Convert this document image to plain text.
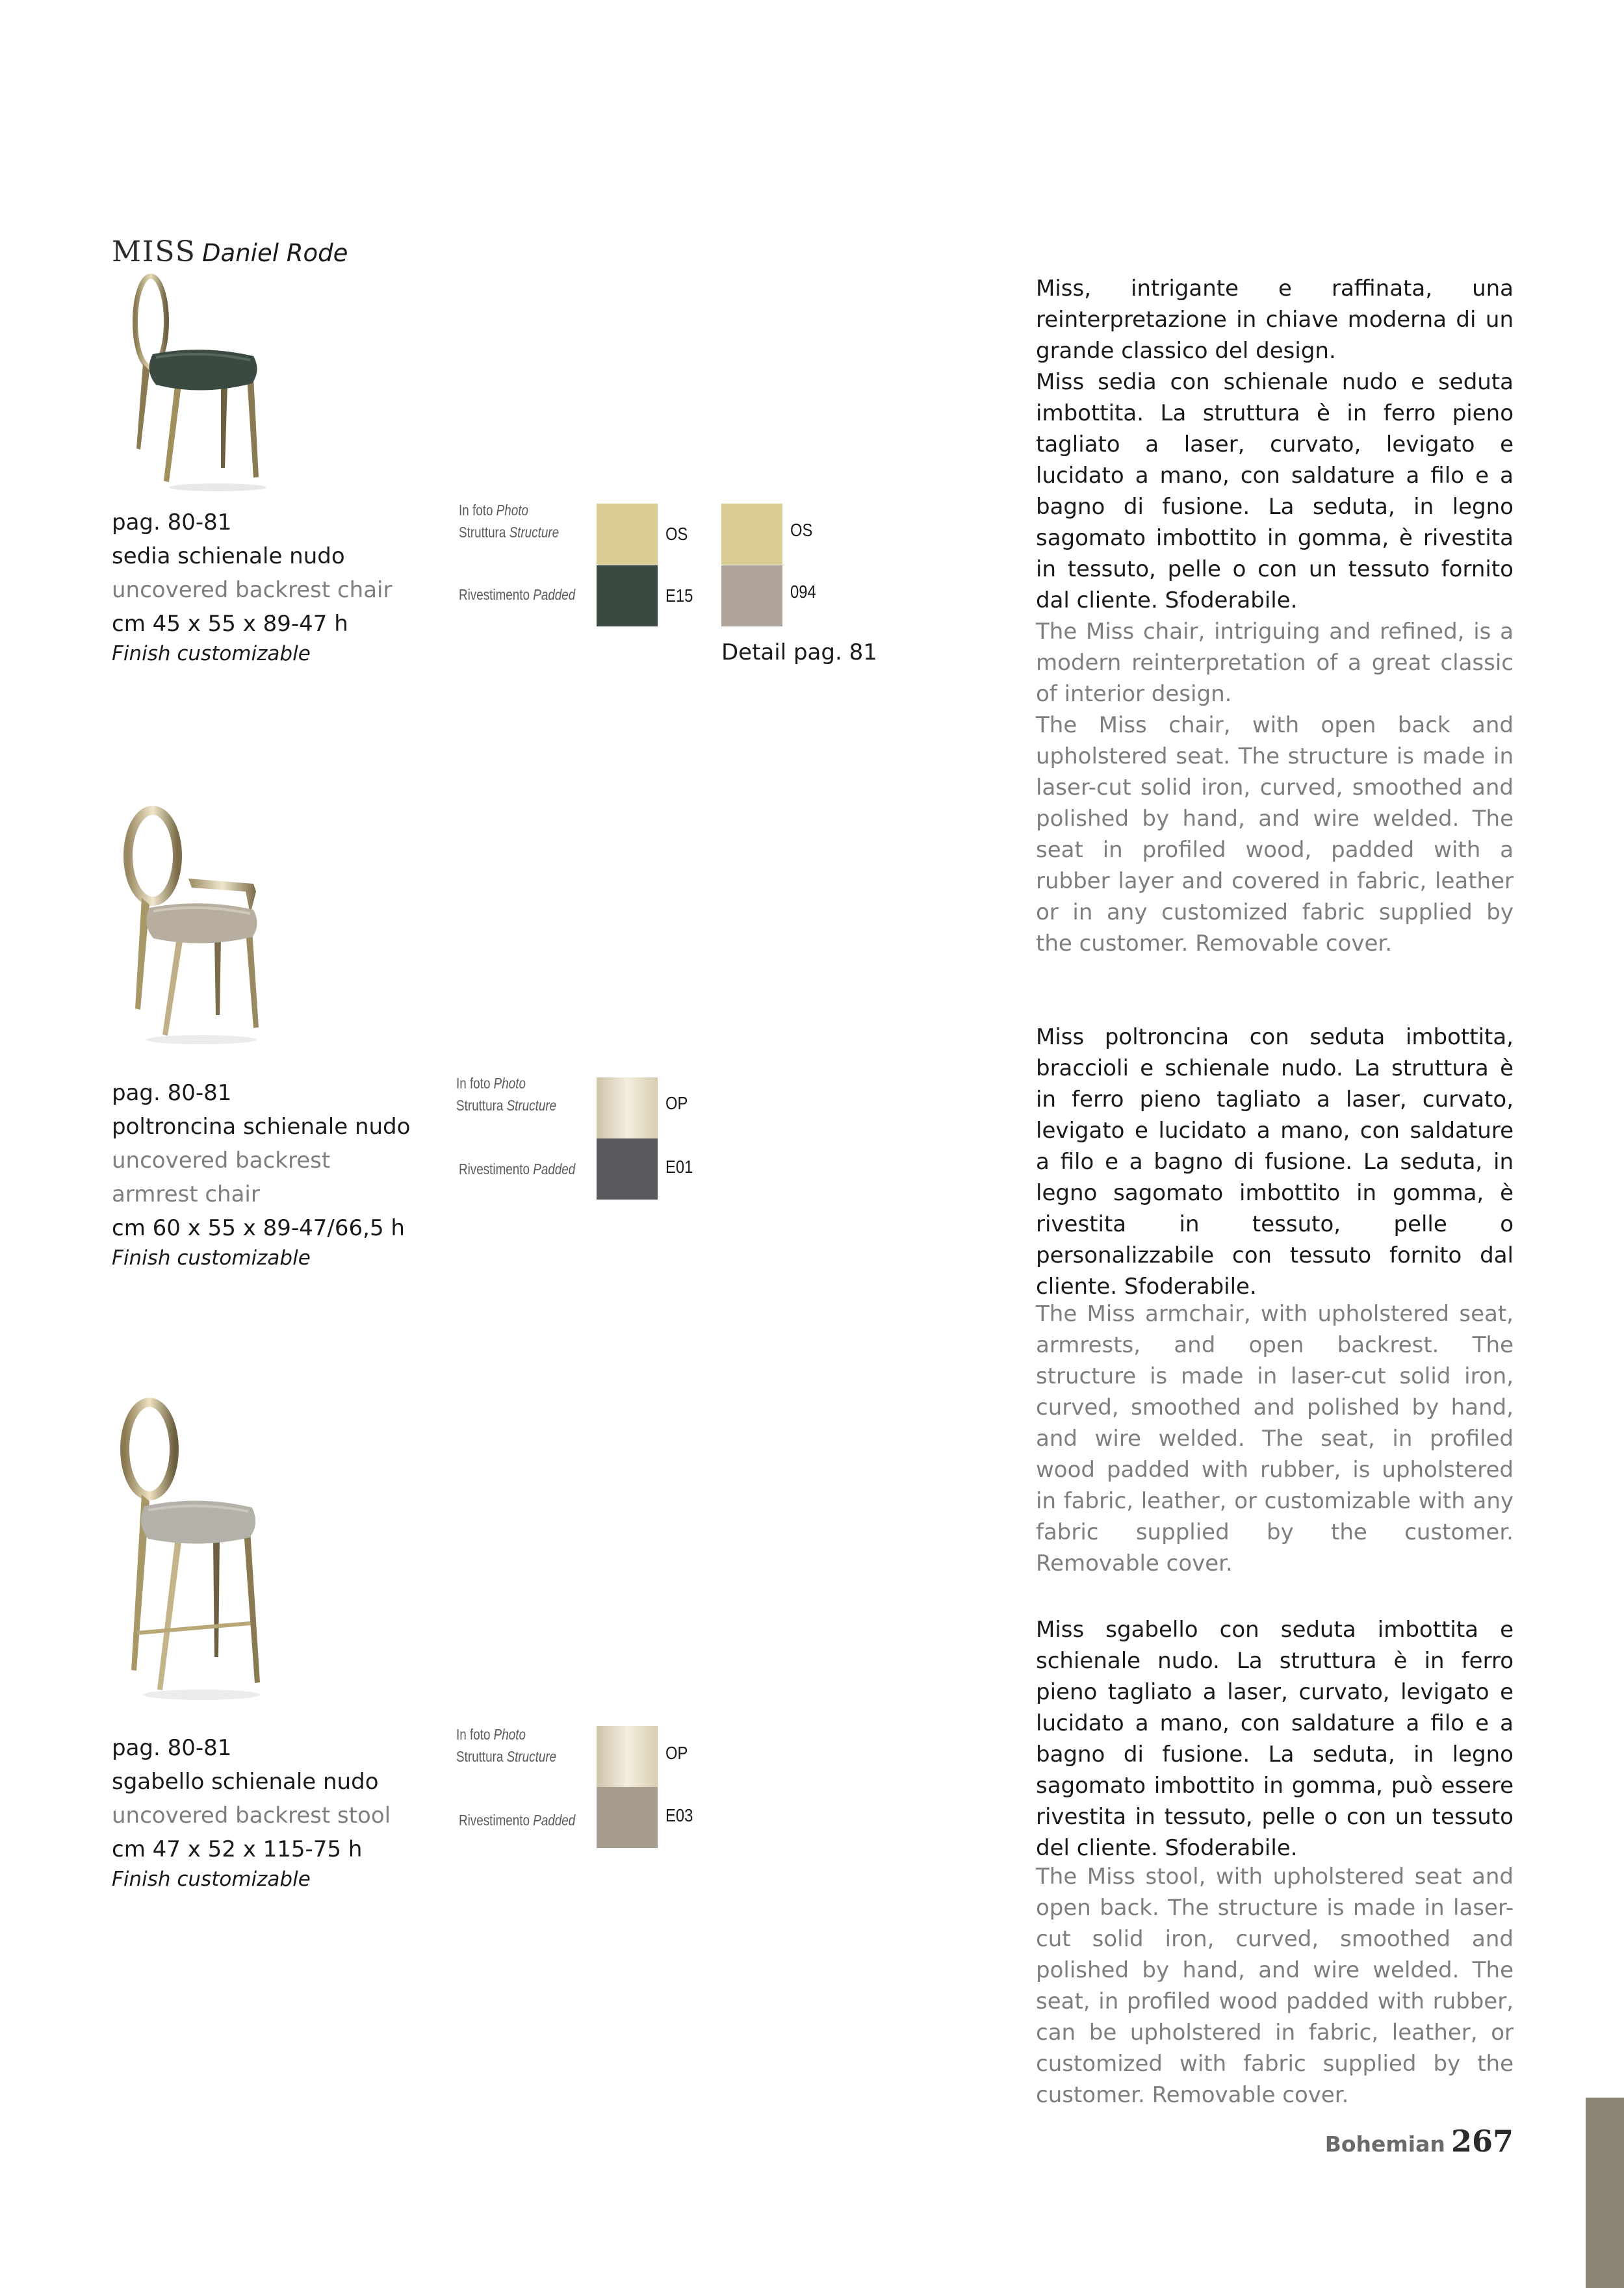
MISS Daniel Rode
pag. 80-81
sedia schienale nudo
uncovered backrest chair
cm 45 x 55 x 89-47 h
Finish customizable
In foto Photo
Struttura Structure
Rivestimento Padded
OS
E15
OS
094
Detail pag. 81
pag. 80-81
poltroncina schienale nudo
uncovered backrest armrest chair
cm 60 x 55 x 89-47/66,5 h
Finish customizable
In foto Photo
Struttura Structure
Rivestimento Padded
OP
E01
pag. 80-81
sgabello schienale nudo
uncovered backrest stool
cm 47 x 52 x 115-75 h
Finish customizable
In foto Photo
Struttura Structure
Rivestimento Padded
OP
E03
Miss, intrigante e raffinata, una reinterpretazione in chiave moderna di un grande classico del design.
Miss sedia con schienale nudo e seduta imbottita. La struttura è in ferro pieno tagliato a laser, curvato, levigato e lucidato a mano, con saldature a filo e a bagno di fusione. La seduta, in legno sagomato imbottito in gomma, è rivestita in tessuto, pelle o con un tessuto fornito dal cliente. Sfoderabile.
The Miss chair, intriguing and refined, is a modern reinterpretation of a great classic of interior design.
The Miss chair, with open back and upholstered seat. The structure is made in laser-cut solid iron, curved, smoothed and polished by hand, and wire welded. The seat in profiled wood, padded with a rubber layer and covered in fabric, leather or in any customized fabric supplied by the customer. Removable cover.
Miss poltroncina con seduta imbottita, braccioli e schienale nudo. La struttura è in ferro pieno tagliato a laser, curvato, levigato e lucidato a mano, con saldature a filo e a bagno di fusione. La seduta, in legno sagomato imbottito in gomma, è rivestita in tessuto, pelle o personalizzabile con tessuto fornito dal cliente. Sfoderabile.
The Miss armchair, with upholstered seat, armrests, and open backrest. The structure is made in laser-cut solid iron, curved, smoothed and polished by hand, and wire welded. The seat, in profiled wood padded with rubber, is upholstered in fabric, leather, or customizable with any fabric supplied by the customer. Removable cover.
Miss sgabello con seduta imbottita e schienale nudo. La struttura è in ferro pieno tagliato a laser, curvato, levigato e lucidato a mano, con saldature a filo e a bagno di fusione. La seduta, in legno sagomato imbottito in gomma, può essere rivestita in tessuto, pelle o con un tessuto del cliente. Sfoderabile.
The Miss stool, with upholstered seat and open back. The structure is made in laser-cut solid iron, curved, smoothed and polished by hand, and wire welded. The seat, in profiled wood padded with rubber, can be upholstered in fabric, leather, or customized with fabric supplied by the customer. Removable cover.
Bohemian 267
